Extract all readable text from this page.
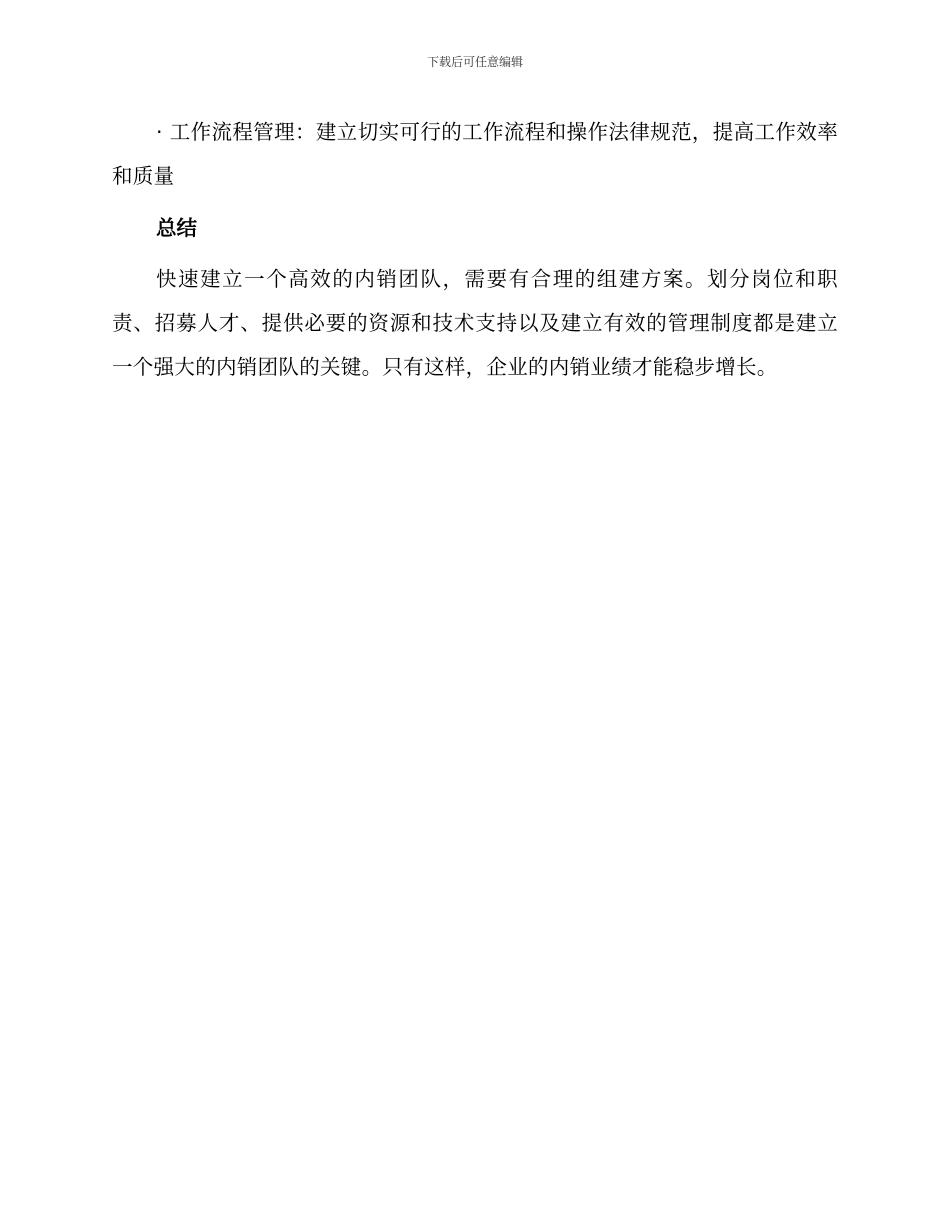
下载后可任意编辑

· 工作流程管理：建立切实可行的工作流程和操作法律规范，提高工作效率和质量

总结

快速建立一个高效的内销团队，需要有合理的组建方案。划分岗位和职责、招募人才、提供必要的资源和技术支持以及建立有效的管理制度都是建立一个强大的内销团队的关键。只有这样，企业的内销业绩才能稳步增长。
